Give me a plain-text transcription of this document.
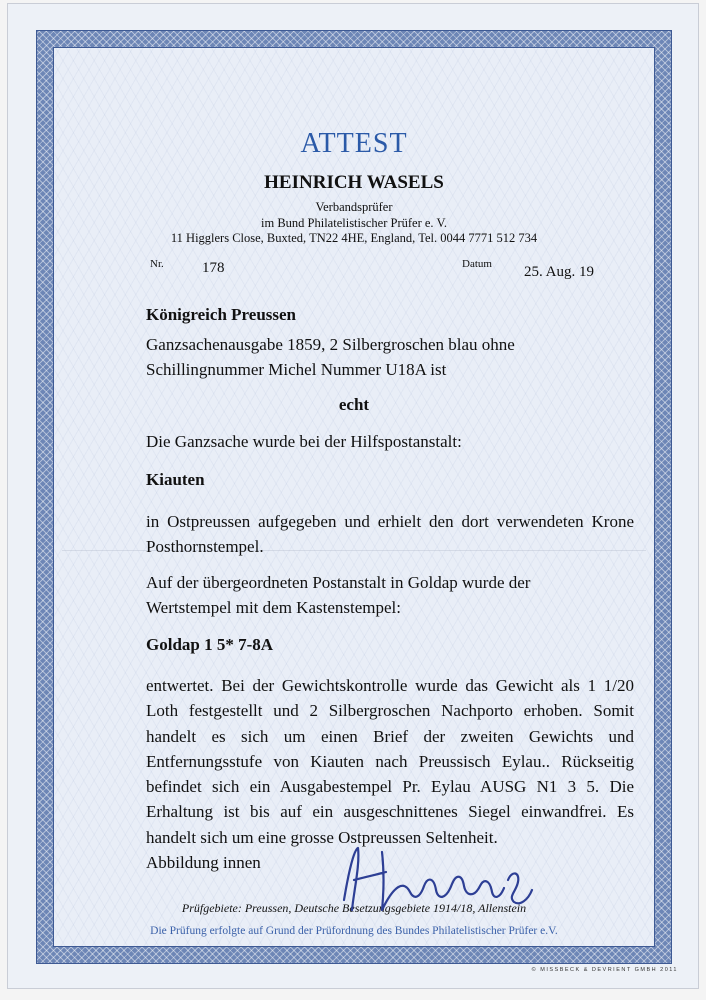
ATTEST
HEINRICH WASELS
Verbandsprüfer
im Bund Philatelistischer Prüfer e. V.
11 Higglers Close, Buxted, TN22 4HE, England, Tel. 0044 7771 512 734
Nr.	178	Datum 25. Aug. 19
Königreich Preussen
Ganzsachenausgabe 1859, 2 Silbergroschen blau ohne
Schillingnummer Michel Nummer U18A ist
echt
Die Ganzsache wurde bei der Hilfspostanstalt:
Kiauten
in Ostpreussen aufgegeben und erhielt den dort verwendeten Krone Posthornstempel.
Auf der übergeordneten Postanstalt in Goldap wurde der
Wertstempel mit dem Kastenstempel:
Goldap 1 5* 7-8A
entwertet. Bei der Gewichtskontrolle wurde das Gewicht als 1 1/20 Loth festgestellt und 2 Silbergroschen Nachporto erhoben. Somit handelt es sich um einen Brief der zweiten Gewichts und Entfernungsstufe von Kiauten nach Preussisch Eylau.. Rückseitig befindet sich ein Ausgabestempel Pr. Eylau AUSG N1 3 5. Die Erhaltung ist bis auf ein ausgeschnittenes Siegel einwandfrei. Es handelt sich um eine grosse Ostpreussen Seltenheit.
Abbildung innen
Prüfgebiete: Preussen, Deutsche Besetzungsgebiete 1914/18, Allenstein
Die Prüfung erfolgte auf Grund der Prüfordnung des Bundes Philatelistischer Prüfer e.V.
© MISSBECK & DEVRIENT GMBH 2011
